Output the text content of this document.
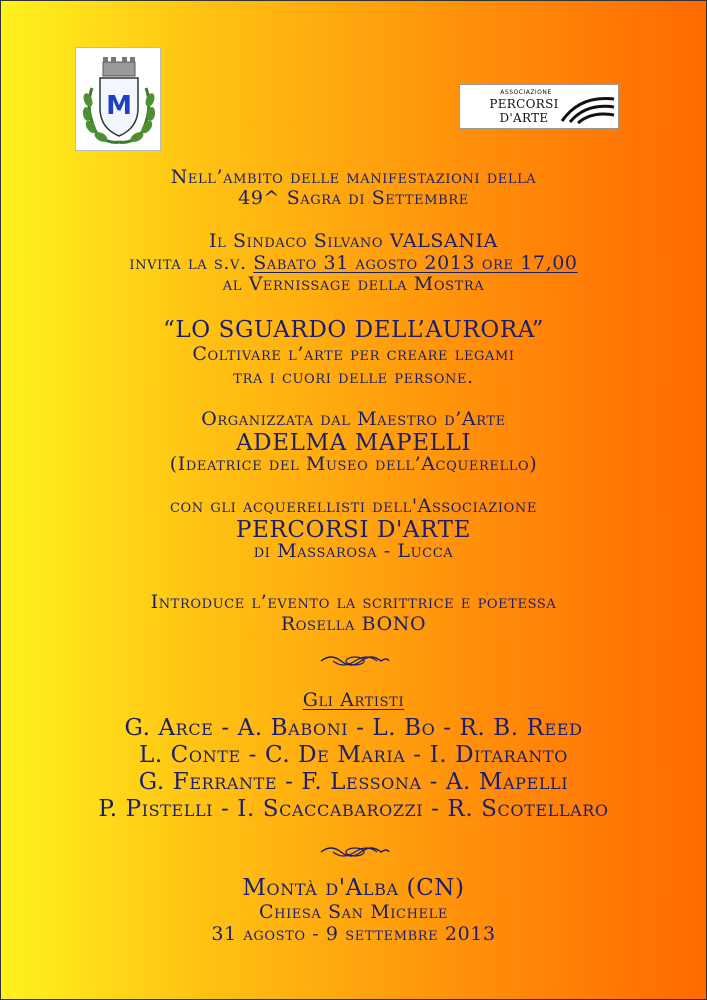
M	ASSOCIAZIONE
PERCORSI D'ARTE
Nell’ambito delle manifestazioni della
49^ Sagra di Settembre
Il Sindaco Silvano VALSANIA
invita la s.v. Sabato 31 agosto 2013 ore 17,00
al Vernissage della Mostra
“LO SGUARDO DELL’AURORA”
Coltivare l’arte per creare legami
tra i cuori delle persone.
Organizzata dal Maestro d’Arte
ADELMA MAPELLI
(Ideatrice del Museo dell’Acquerello)
con gli acquerellisti dell'Associazione
PERCORSI D'ARTE
di Massarosa - Lucca
Introduce l’evento la scrittrice e poetessa
Rosella BONO
Gli Artisti
G. Arce - A. Baboni - L. Bo - R. B. Reed
L. Conte - C. De Maria - I. Ditaranto
G. Ferrante - F. Lessona - A. Mapelli
P. Pistelli - I. Scaccabarozzi - R. Scotellaro
Montà d'Alba (CN)
Chiesa San Michele
31 agosto - 9 settembre 2013
